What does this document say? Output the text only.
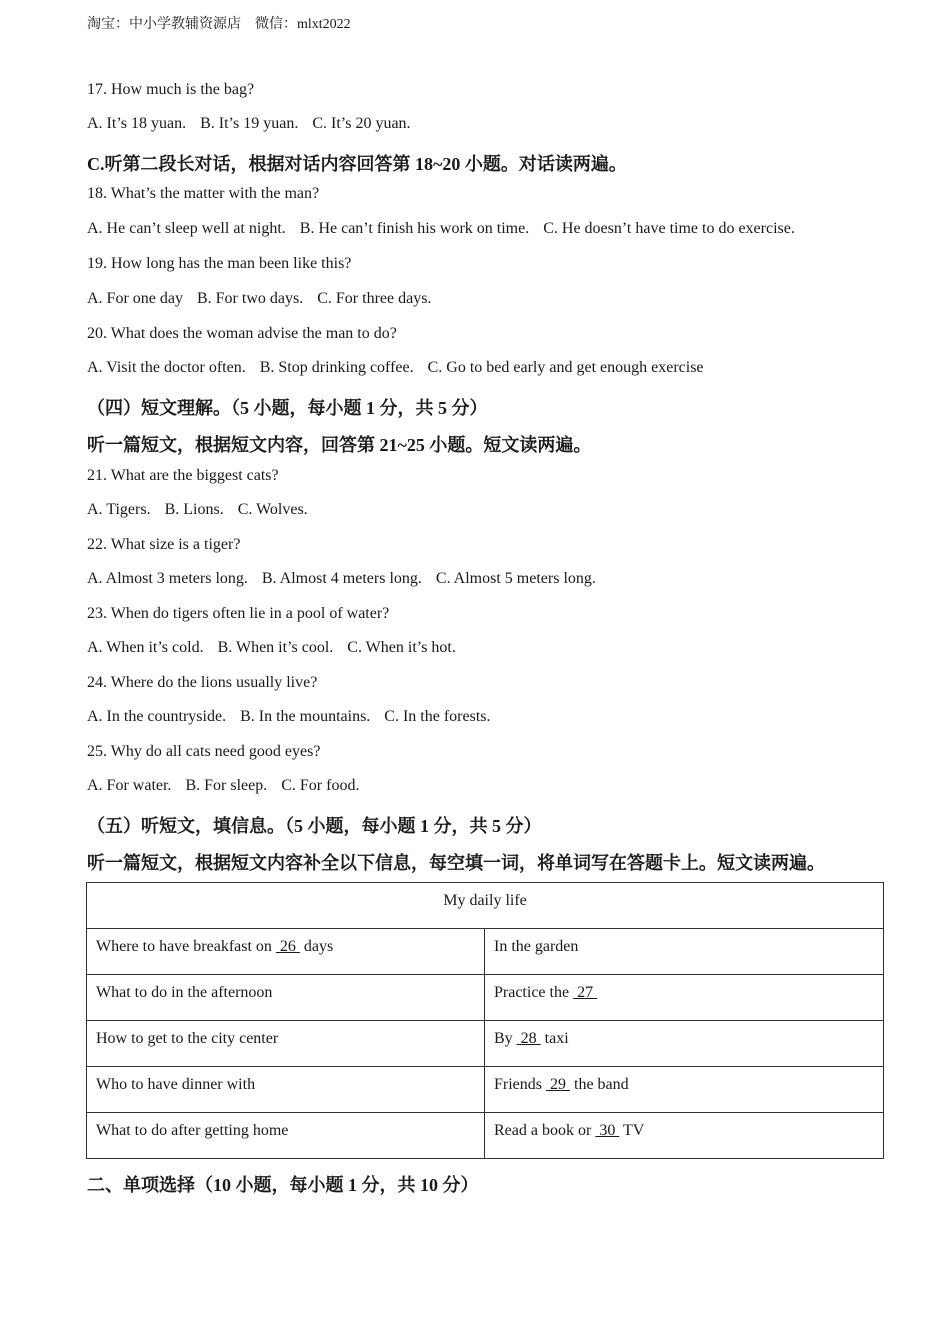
淘宝：中小学教辅资源店 微信：mlxt2022
17. How much is the bag?
A. It’s 18 yuan. B. It’s 19 yuan. C. It’s 20 yuan.
C.听第二段长对话，根据对话内容回答第 18~20 小题。对话读两遍。
18. What’s the matter with the man?
A. He can’t sleep well at night. B. He can’t finish his work on time. C. He doesn’t have time to do exercise.
19. How long has the man been like this?
A. For one day B. For two days. C. For three days.
20. What does the woman advise the man to do?
A. Visit the doctor often. B. Stop drinking coffee. C. Go to bed early and get enough exercise
（四）短文理解。（5 小题，每小题 1 分，共 5 分）
听一篇短文，根据短文内容，回答第 21~25 小题。短文读两遍。
21. What are the biggest cats?
A. Tigers. B. Lions. C. Wolves.
22. What size is a tiger?
A. Almost 3 meters long. B. Almost 4 meters long. C. Almost 5 meters long.
23. When do tigers often lie in a pool of water?
A. When it’s cold. B. When it’s cool. C. When it’s hot.
24. Where do the lions usually live?
A. In the countryside. B. In the mountains. C. In the forests.
25. Why do all cats need good eyes?
A. For water. B. For sleep. C. For food.
（五）听短文，填信息。（5 小题，每小题 1 分，共 5 分）
听一篇短文，根据短文内容补全以下信息，每空填一词，将单词写在答题卡上。短文读两遍。
My daily life	
Where to have breakfast on  26  days	In the garden
What to do in the afternoon	Practice the  27
How to get to the city center	By  28  taxi
Who to have dinner with	Friends  29  the band
What to do after getting home	Read a book or  30  TV
二、单项选择（10 小题，每小题 1 分，共 10 分）
